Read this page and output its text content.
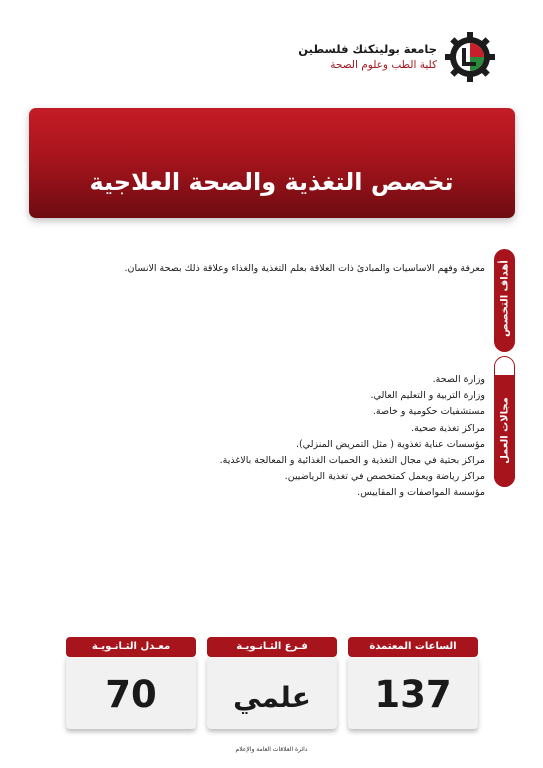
جامعة بوليتكنك فلسطين
كلية الطب وعلوم الصحة
تخصص التغذية والصحة العلاجية
أهداف التخصص
مجالات العمل
معرفة وفهم الاساسيات والمبادئ ذات العلاقة بعلم التغذية والغذاء وعلاقة ذلك بصحة الانسان.
وزارة الصحة.
وزارة التربية و التعليم العالي.
مستشفيات حكومية و خاصة.
مراكز تغذية صحية.
مؤسسات عناية تغذوية ( مثل التمريض المنزلي).
مراكز بحثية في مجال التغذية و الحميات الغذائية و المعالجة بالاغذية.
مراكز رياضة ويعمل كمتخصص في تغذية الرياضيين.
مؤسسة المواصفات و المقاييس.
الساعات المعتمدة
137
فـرع الثـانـويـة
علمي
معـدل الثـانـويـة
70
دائرة العلاقات العامة والإعلام
